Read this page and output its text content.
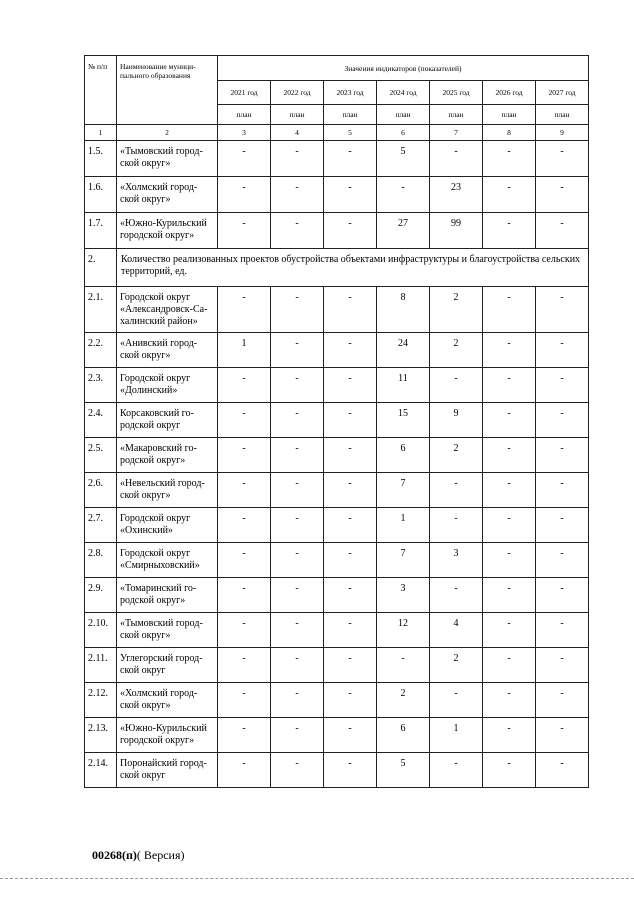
№ п/п	Наименование муници-пального образования	Значения индикаторов (показателей)						
		2021 год	2022 год	2023 год	2024 год	2025 год	2026 год	2027 год
		план	план	план	план	план	план	план
1	2	3	4	5	6	7	8	9
1.5.	«Тымовский город-ской округ»	-	-	-	5	-	-	-
1.6.	«Холмский город-ской округ»	-	-	-	-	23	-	-
1.7.	«Южно-Курильский городской округ»	-	-	-	27	99	-	-
2.	Количество реализованных проектов обустройства объектами инфраструктуры и благоустройства сельских территорий, ед.							
2.1.	Городской округ «Александровск-Са-халинский район»	-	-	-	8	2	-	-
2.2.	«Анивский город-ской округ»	1	-	-	24	2	-	-
2.3.	Городской округ «Долинский»	-	-	-	11	-	-	-
2.4.	Корсаковский го-родской округ	-	-	-	15	9	-	-
2.5.	«Макаровский го-родской округ»	-	-	-	6	2	-	-
2.6.	«Невельский город-ской округ»	-	-	-	7	-	-	-
2.7.	Городской округ «Охинский»	-	-	-	1	-	-	-
2.8.	Городской округ «Смирныховский»	-	-	-	7	3	-	-
2.9.	«Томаринский го-родской округ»	-	-	-	3	-	-	-
2.10.	«Тымовский город-ской округ»	-	-	-	12	4	-	-
2.11.	Углегорский город-ской округ	-	-	-	-	2	-	-
2.12.	«Холмский город-ской округ»	-	-	-	2	-	-	-
2.13.	«Южно-Курильский городской округ»	-	-	-	6	1	-	-
2.14.	Поронайский город-ской округ	-	-	-	5	-	-	-
00268(п)( Версия)
